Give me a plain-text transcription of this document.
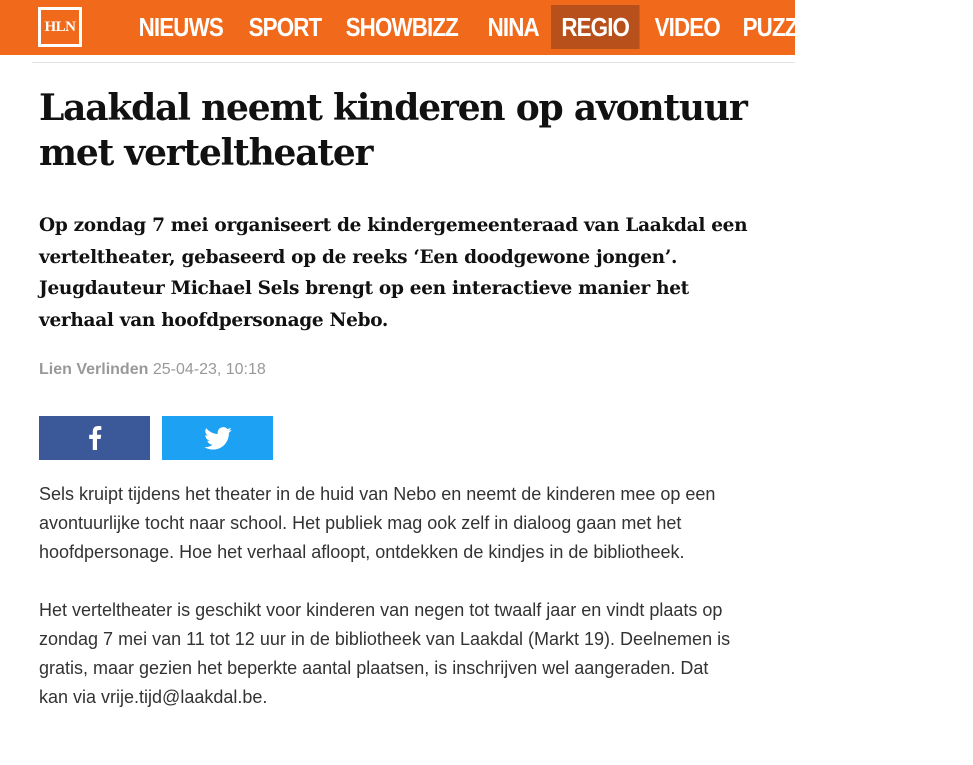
HLN	NIEUWS SPORT SHOWBIZZ	NINA REGIO VIDEO PUZZEL PODCAST
Laakdal neemt kinderen op avontuur met verteltheater

Op zondag 7 mei organiseert de kindergemeenteraad van Laakdal een verteltheater, gebaseerd op de reeks ‘Een doodgewone jongen’. Jeugdauteur Michael Sels brengt op een interactieve manier het verhaal van hoofdpersonage Nebo.

Lien Verlinden 25-04-23, 10:18

Sels kruipt tijdens het theater in de huid van Nebo en neemt de kinderen mee op een avontuurlijke tocht naar school. Het publiek mag ook zelf in dialoog gaan met het hoofdpersonage. Hoe het verhaal afloopt, ontdekken de kindjes in de bibliotheek.

Het verteltheater is geschikt voor kinderen van negen tot twaalf jaar en vindt plaats op zondag 7 mei van 11 tot 12 uur in de bibliotheek van Laakdal (Markt 19). Deelnemen is gratis, maar gezien het beperkte aantal plaatsen, is inschrijven wel aangeraden. Dat kan via vrije.tijd@laakdal.be.
